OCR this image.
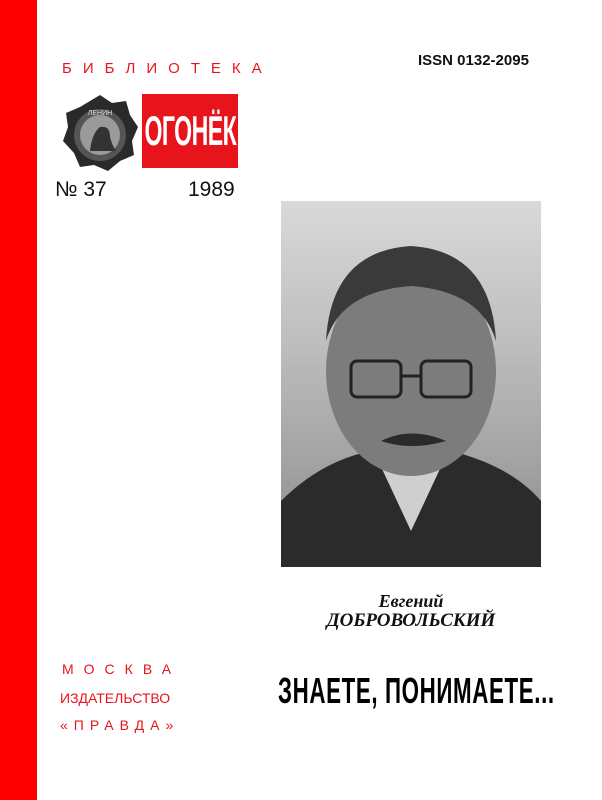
БИБЛИОТЕКА	ISSN 0132-2095
ЛЕНИН ОГОНЁК
№ 37	1989
Евгений
ДОБРОВОЛЬСКИЙ
МОСКВА
ИЗДАТЕЛЬСТВО
«ПРАВДА»
ЗНАЕТЕ, ПОНИМАЕТЕ...
